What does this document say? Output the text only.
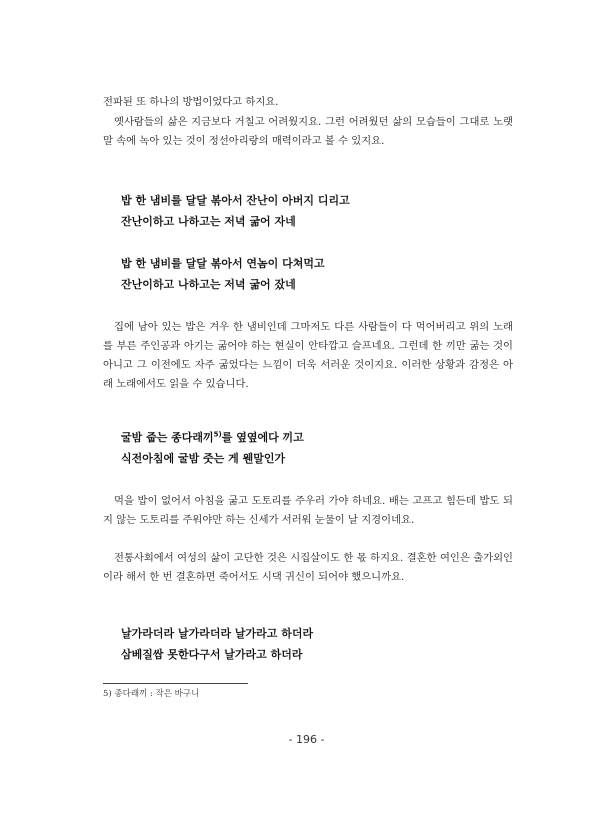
전파된 또 하나의 방법이었다고 하지요.

옛사람들의 삶은 지금보다 거칠고 어려웠지요. 그런 어려웠던 삶의 모습들이 그대로 노랫말 속에 녹아 있는 것이 정선아리랑의 매력이라고 볼 수 있지요.

밥 한 냄비를 달달 볶아서 잔난이 아버지 디리고

잔난이하고 나하고는 저녁 굶어 자네

밥 한 냄비를 달달 볶아서 연놈이 다쳐먹고

잔난이하고 나하고는 저녁 굶어 잤네

집에 남아 있는 밥은 겨우 한 냄비인데 그마저도 다른 사람들이 다 먹어버리고 위의 노래를 부른 주인공과 아기는 굶어야 하는 현실이 안타깝고 슬프네요. 그런데 한 끼만 굶는 것이 아니고 그 이전에도 자주 굶었다는 느낌이 더욱 서러운 것이지요. 이러한 상황과 감정은 아래 노래에서도 읽을 수 있습니다.

굴밤 줍는 종다래끼$^{5)}$를 옆옆에다 끼고

식전아침에 굴밤 줏는 게 웬말인가

먹을 밥이 없어서 아침을 굶고 도토리를 주우러 가야 하네요. 배는 고프고 힘든데 밥도 되지 않는 도토리를 주워야만 하는 신세가 서러워 눈물이 날 지경이네요.

전통사회에서 여성의 삶이 고단한 것은 시집살이도 한 몫 하지요. 결혼한 여인은 출가외인이라 해서 한 번 결혼하면 죽어서도 시댁 귀신이 되어야 했으니까요.

날가라더라 날가라더라 날가라고 하더라

삼베질쌈 못한다구서 날가라고 하더라

5) 종다래끼 : 작은 바구니
- 196 -
